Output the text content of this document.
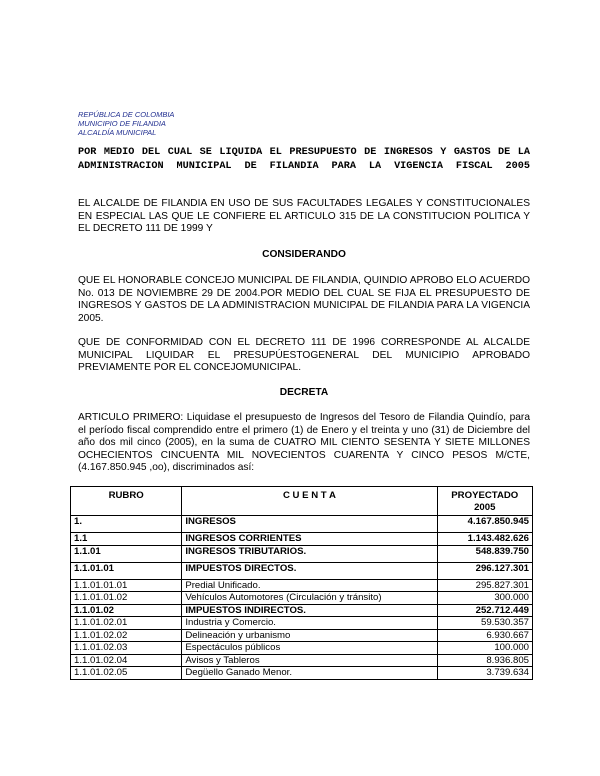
REPÚBLICA DE COLOMBIA
MUNICIPIO DE FILANDIA
ALCALDÍA MUNICIPAL
POR MEDIO DEL CUAL SE LIQUIDA EL PRESUPUESTO DE INGRESOS Y GASTOS DE LA ADMINISTRACION MUNICIPAL DE FILANDIA PARA LA VIGENCIA FISCAL 2005
EL ALCALDE DE FILANDIA EN USO DE SUS FACULTADES LEGALES Y CONSTITUCIONALES EN ESPECIAL LAS QUE LE CONFIERE EL ARTICULO 315 DE LA CONSTITUCION POLITICA Y EL DECRETO 111 DE 1999 Y
CONSIDERANDO
QUE EL HONORABLE CONCEJO MUNICIPAL DE FILANDIA, QUINDIO APROBO ELO ACUERDO No. 013 DE NOVIEMBRE 29 DE 2004.POR MEDIO DEL CUAL SE FIJA EL PRESUPUESTO DE INGRESOS Y GASTOS DE LA ADMINISTRACION MUNICIPAL DE FILANDIA PARA LA VIGENCIA 2005.
QUE DE CONFORMIDAD CON EL DECRETO 111 DE 1996 CORRESPONDE AL ALCALDE MUNICIPAL LIQUIDAR EL PRESUPÚESTOGENERAL DEL MUNICIPIO APROBADO PREVIAMENTE POR EL CONCEJOMUNICIPAL.
DECRETA
ARTICULO PRIMERO: Liquidase el presupuesto de Ingresos del Tesoro de Filandia Quindío, para el período fiscal comprendido entre el primero (1) de Enero y el treinta y uno (31) de Diciembre del año dos mil cinco (2005), en la suma de CUATRO MIL CIENTO SESENTA Y SIETE MILLONES OCHECIENTOS CINCUENTA MIL NOVECIENTOS CUARENTA Y CINCO PESOS M/CTE, (4.167.850.945 ,oo), discriminados así:
RUBRO	C U E N T A	PROYECTADO 2005
1.	INGRESOS	4.167.850.945
1.1	INGRESOS CORRIENTES	1.143.482.626
1.1.01	INGRESOS TRIBUTARIOS.	548.839.750
1.1.01.01	IMPUESTOS DIRECTOS.	296.127.301
1.1.01.01.01	Predial Unificado.	295.827.301
1.1.01.01.02	Vehículos Automotores (Circulación y tránsito)	300.000
1.1.01.02	IMPUESTOS INDIRECTOS.	252.712.449
1.1.01.02.01	Industria y Comercio.	59.530.357
1.1.01.02.02	Delineación y urbanismo	6.930.667
1.1.01.02.03	Espectáculos públicos	100.000
1.1.01.02.04	Avisos y Tableros	8.936.805
1.1.01.02.05	Degüello Ganado Menor.	3.739.634
